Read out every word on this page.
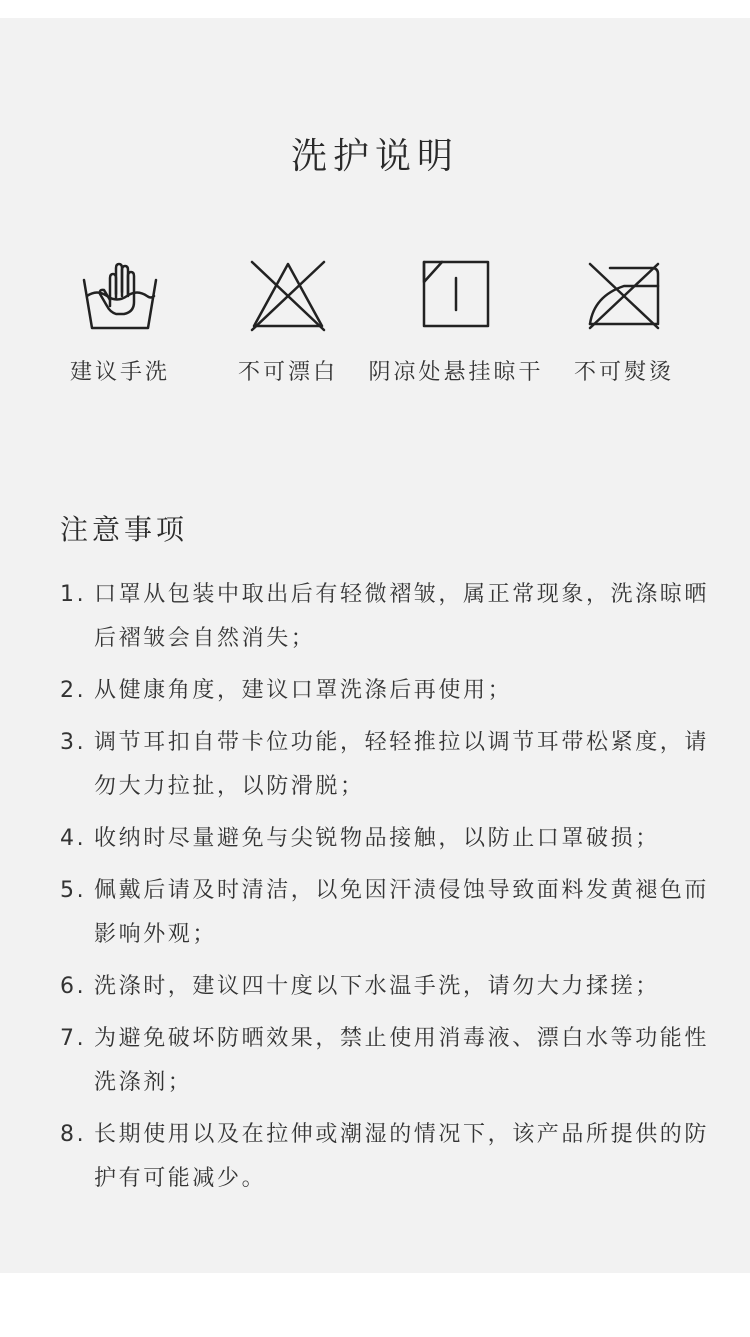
洗护说明
建议手洗	不可漂白	阴凉处悬挂晾干	不可熨烫
注意事项
1. 口罩从包装中取出后有轻微褶皱，属正常现象，洗涤晾晒后褶皱会自然消失；
2. 从健康角度，建议口罩洗涤后再使用；
3. 调节耳扣自带卡位功能，轻轻推拉以调节耳带松紧度，请勿大力拉扯，以防滑脱；
4. 收纳时尽量避免与尖锐物品接触，以防止口罩破损；
5. 佩戴后请及时清洁，以免因汗渍侵蚀导致面料发黄褪色而影响外观；
6. 洗涤时，建议四十度以下水温手洗，请勿大力揉搓；
7. 为避免破坏防晒效果，禁止使用消毒液、漂白水等功能性洗涤剂；
8. 长期使用以及在拉伸或潮湿的情况下，该产品所提供的防护有可能减少。
